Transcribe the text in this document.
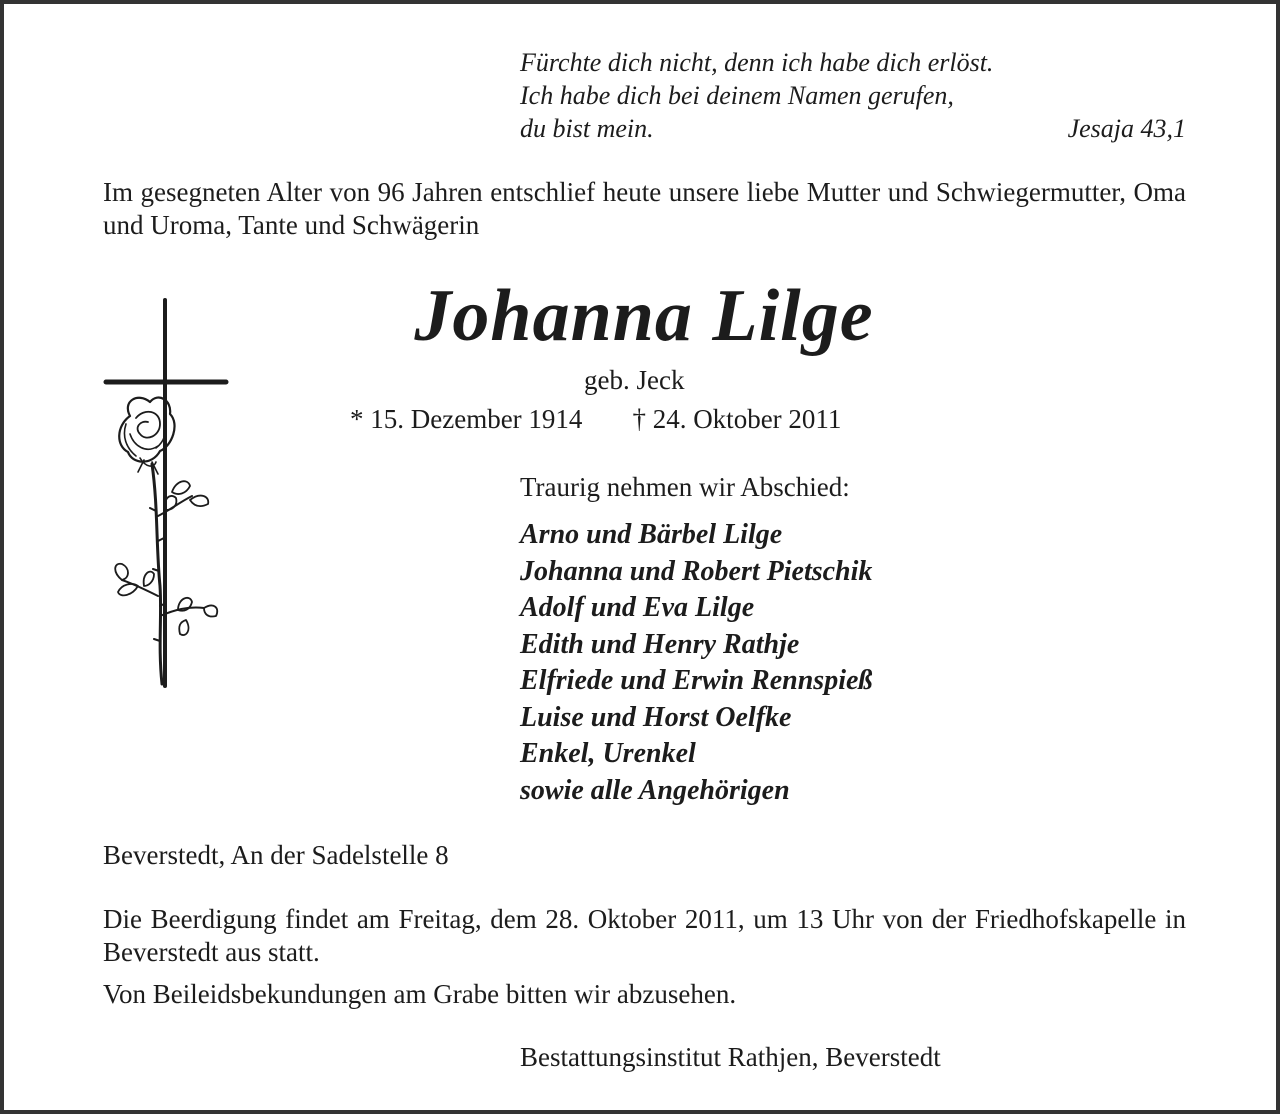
Fürchte dich nicht, denn ich habe dich erlöst.
Ich habe dich bei deinem Namen gerufen,
du bist mein.	Jesaja 43,1

Im gesegneten Alter von 96 Jahren entschlief heute unsere liebe Mutter und Schwiegermutter, Oma und Uroma, Tante und Schwägerin

Johanna Lilge
geb. Jeck
* 15. Dezember 1914 † 24. Oktober 2011
Traurig nehmen wir Abschied:
Arno und Bärbel Lilge
Johanna und Robert Pietschik
Adolf und Eva Lilge
Edith und Henry Rathje
Elfriede und Erwin Rennspieß
Luise und Horst Oelfke
Enkel, Urenkel
sowie alle Angehörigen
Beverstedt, An der Sadelstelle 8

Die Beerdigung findet am Freitag, dem 28. Oktober 2011, um 13 Uhr von der Friedhofskapelle in Beverstedt aus statt.

Von Beileidsbekundungen am Grabe bitten wir abzusehen.
Bestattungsinstitut Rathjen, Beverstedt
